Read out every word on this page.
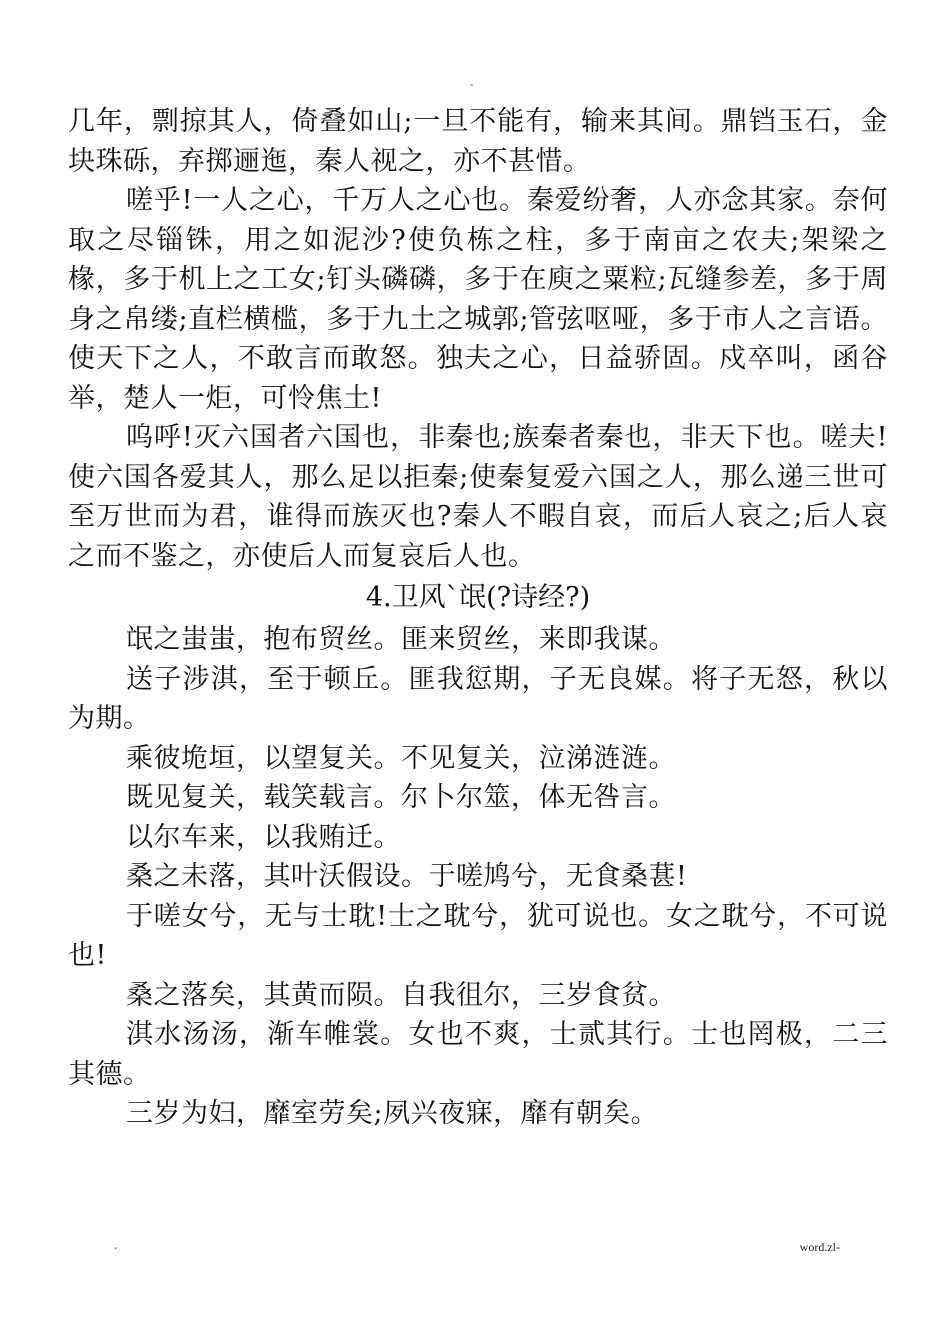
-

几年，剽掠其人，倚叠如山;一旦不能有，输来其间。鼎铛玉石，金块珠砾，弃掷逦迤，秦人视之，亦不甚惜。

嗟乎!一人之心，千万人之心也。秦爱纷奢，人亦念其家。奈何取之尽锱铢，用之如泥沙?使负栋之柱，多于南亩之农夫;架梁之椽，多于机上之工女;钉头磷磷，多于在庾之粟粒;瓦缝参差，多于周身之帛缕;直栏横槛，多于九土之城郭;管弦呕哑，多于市人之言语。使天下之人，不敢言而敢怒。独夫之心，日益骄固。戍卒叫，函谷举，楚人一炬，可怜焦土!

呜呼!灭六国者六国也，非秦也;族秦者秦也，非天下也。嗟夫!使六国各爱其人，那么足以拒秦;使秦复爱六国之人，那么递三世可至万世而为君，谁得而族灭也?秦人不暇自哀，而后人哀之;后人哀之而不鉴之，亦使后人而复哀后人也。

4.卫风`氓(?诗经?)

氓之蚩蚩，抱布贸丝。匪来贸丝，来即我谋。

送子涉淇，至于顿丘。匪我愆期，子无良媒。将子无怒，秋以为期。

乘彼垝垣，以望复关。不见复关，泣涕涟涟。

既见复关，载笑载言。尔卜尔筮，体无咎言。

以尔车来，以我贿迁。

桑之未落，其叶沃假设。于嗟鸠兮，无食桑葚!

于嗟女兮，无与士耽!士之耽兮，犹可说也。女之耽兮，不可说也!

桑之落矣，其黄而陨。自我徂尔，三岁食贫。

淇水汤汤，渐车帷裳。女也不爽，士贰其行。士也罔极，二三其德。

三岁为妇，靡室劳矣;夙兴夜寐，靡有朝矣。

-	word.zl-
